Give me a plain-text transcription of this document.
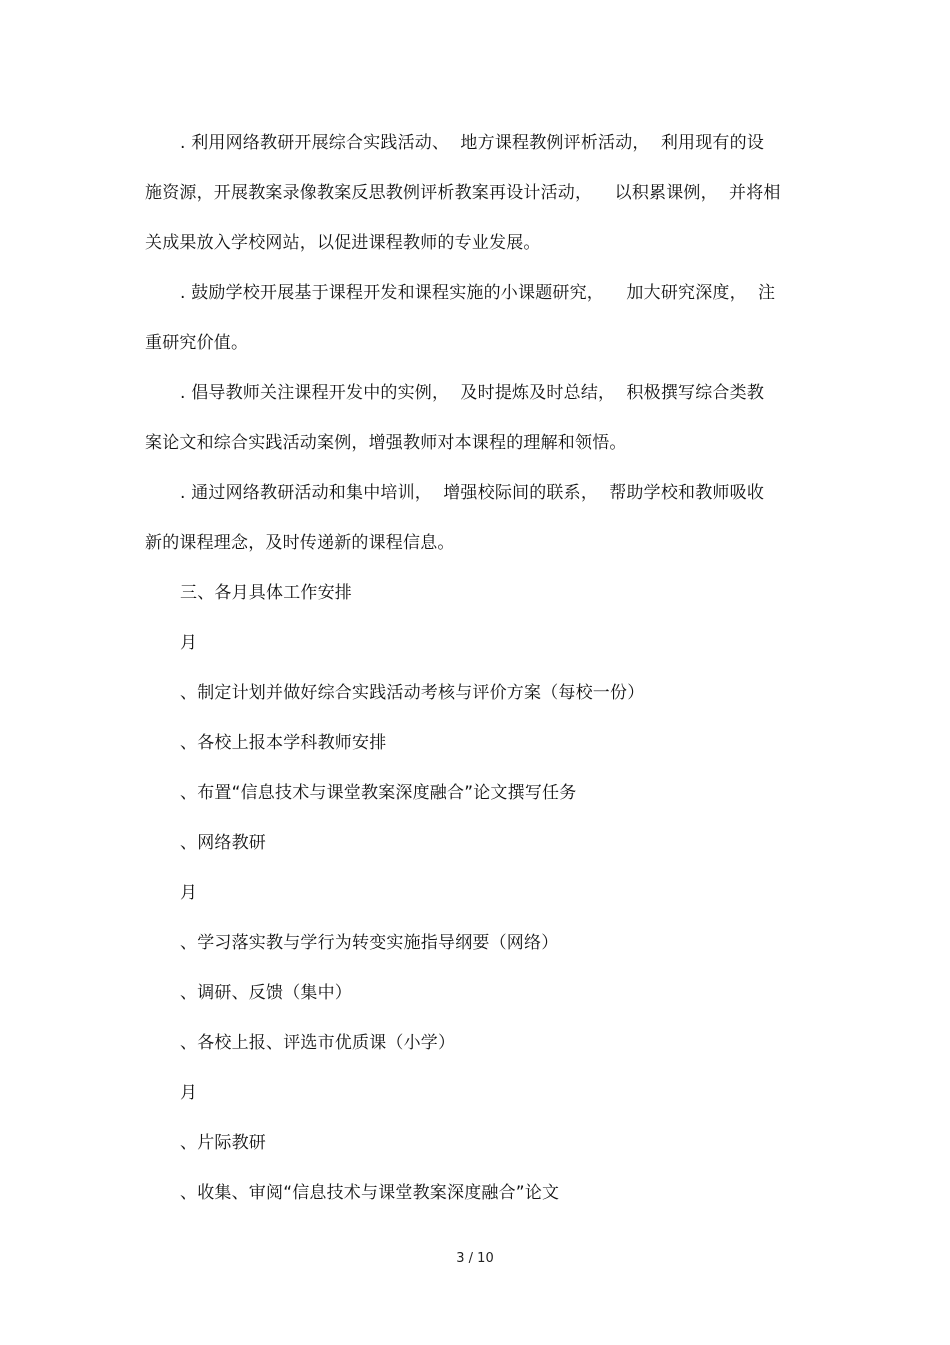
. 利用网络教研开展综合实践活动、  地方课程教例评析活动，  利用现有的设
施资源，开展教案录像教案反思教例评析教案再设计活动，    以积累课例，  并将相
关成果放入学校网站，以促进课程教师的专业发展。
. 鼓励学校开展基于课程开发和课程实施的小课题研究，    加大研究深度，  注
重研究价值。
. 倡导教师关注课程开发中的实例，  及时提炼及时总结，  积极撰写综合类教
案论文和综合实践活动案例，增强教师对本课程的理解和领悟。
. 通过网络教研活动和集中培训，  增强校际间的联系，  帮助学校和教师吸收
新的课程理念，及时传递新的课程信息。
三、各月具体工作安排
月
、制定计划并做好综合实践活动考核与评价方案（每校一份）
、各校上报本学科教师安排
、布置“信息技术与课堂教案深度融合”论文撰写任务
、网络教研
月
、学习落实教与学行为转变实施指导纲要（网络）
、调研、反馈（集中）
、各校上报、评选市优质课（小学）
月
、片际教研
、收集、审阅“信息技术与课堂教案深度融合”论文
3 / 10
